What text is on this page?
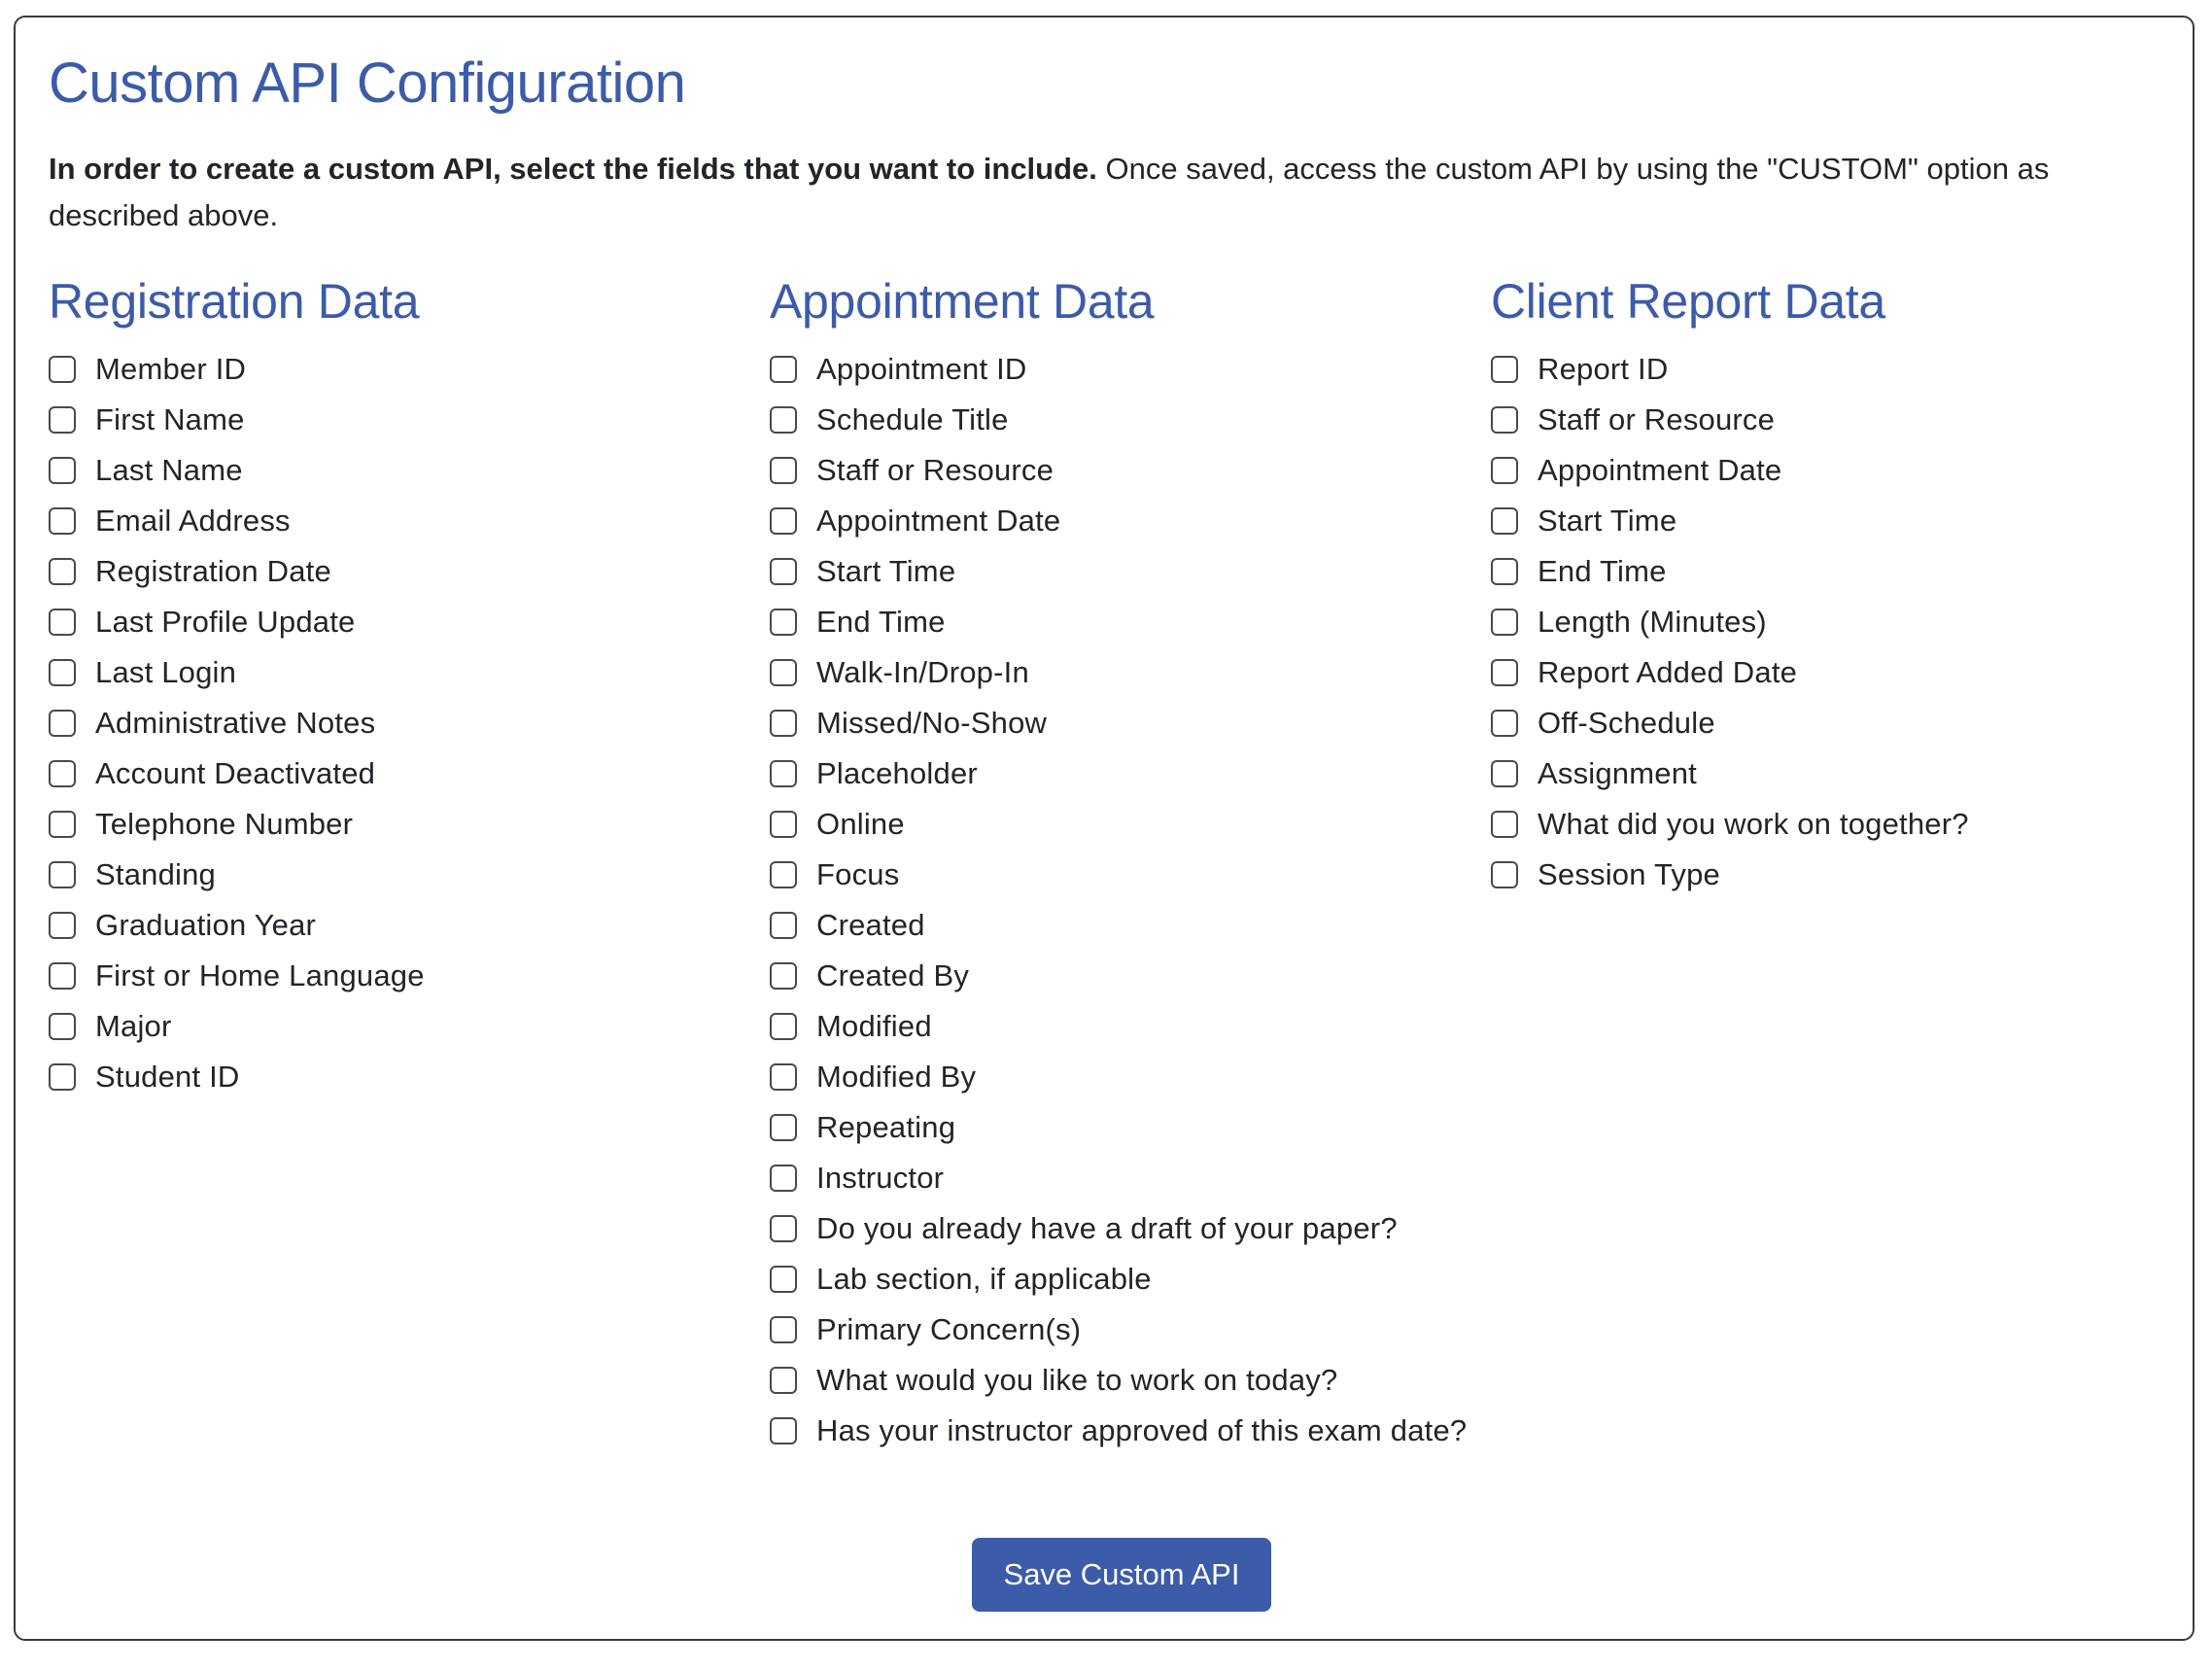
Custom API Configuration

In order to create a custom API, select the fields that you want to include. Once saved, access the custom API by using the "CUSTOM" option as described above.

Registration Data
Member ID
First Name
Last Name
Email Address
Registration Date
Last Profile Update
Last Login
Administrative Notes
Account Deactivated
Telephone Number
Standing
Graduation Year
First or Home Language
Major
Student ID
Appointment Data
Appointment ID
Schedule Title
Staff or Resource
Appointment Date
Start Time
End Time
Walk-In/Drop-In
Missed/No-Show
Placeholder
Online
Focus
Created
Created By
Modified
Modified By
Repeating
Instructor
Do you already have a draft of your paper?
Lab section, if applicable
Primary Concern(s)
What would you like to work on today?
Has your instructor approved of this exam date?
Client Report Data
Report ID
Staff or Resource
Appointment Date
Start Time
End Time
Length (Minutes)
Report Added Date
Off-Schedule
Assignment
What did you work on together?
Session Type
Save Custom API
